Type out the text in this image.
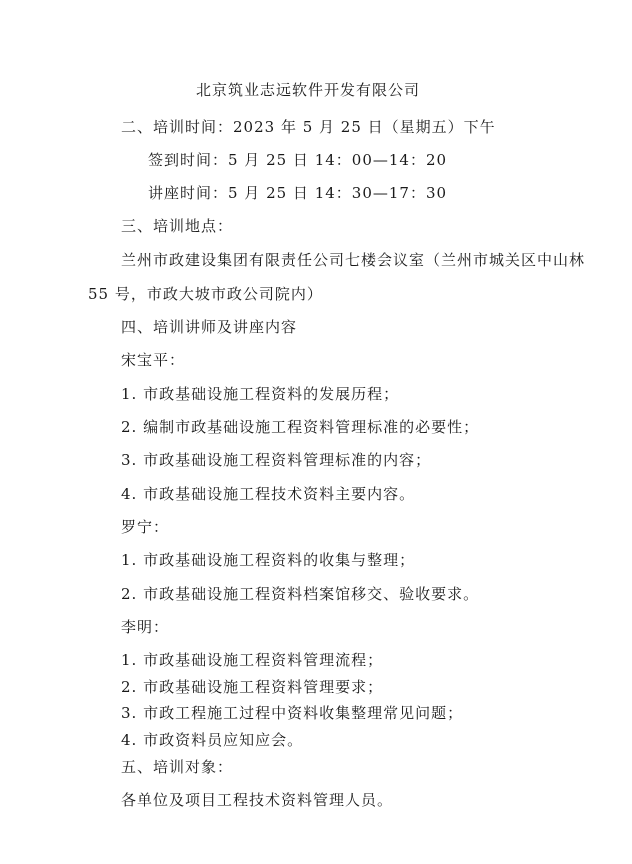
北京筑业志远软件开发有限公司
二、培训时间：2023 年 5 月 25 日（星期五）下午
签到时间：5 月 25 日 14：00—14：20
讲座时间：5 月 25 日 14：30—17：30
三、培训地点：
兰州市政建设集团有限责任公司七楼会议室（兰州市城关区中山林
55 号，市政大坡市政公司院内）
四、培训讲师及讲座内容
宋宝平：
1. 市政基础设施工程资料的发展历程；
2. 编制市政基础设施工程资料管理标准的必要性；
3. 市政基础设施工程资料管理标准的内容；
4. 市政基础设施工程技术资料主要内容。
罗宁：
1. 市政基础设施工程资料的收集与整理；
2. 市政基础设施工程资料档案馆移交、验收要求。
李明：
1. 市政基础设施工程资料管理流程；
2. 市政基础设施工程资料管理要求；
3. 市政工程施工过程中资料收集整理常见问题；
4. 市政资料员应知应会。
五、培训对象：
各单位及项目工程技术资料管理人员。
